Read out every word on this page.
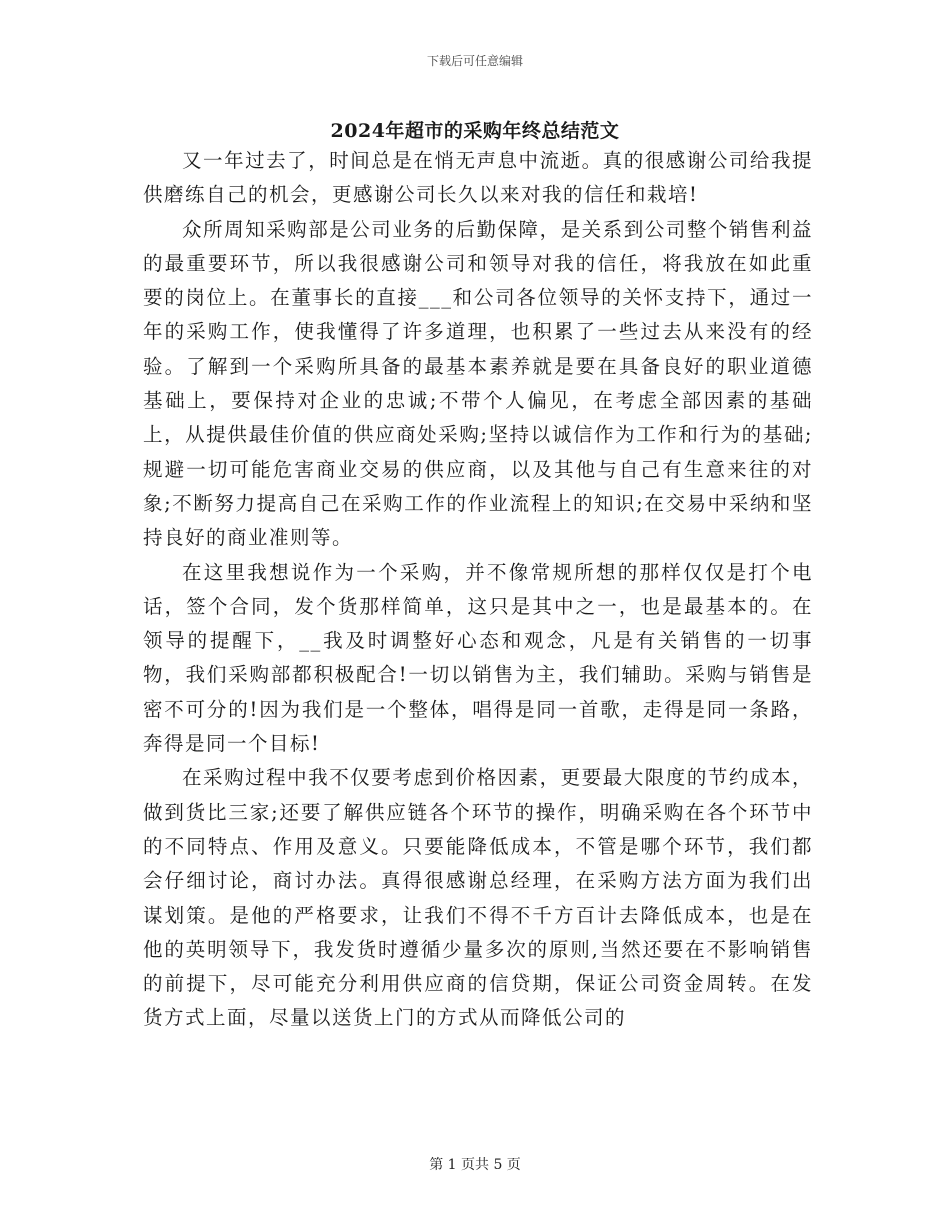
下载后可任意编辑
2024年超市的采购年终总结范文

又一年过去了，时间总是在悄无声息中流逝。真的很感谢公司给我提供磨练自己的机会，更感谢公司长久以来对我的信任和栽培!

众所周知采购部是公司业务的后勤保障，是关系到公司整个销售利益的最重要环节，所以我很感谢公司和领导对我的信任，将我放在如此重要的岗位上。在董事长的直接___和公司各位领导的关怀支持下，通过一年的采购工作，使我懂得了许多道理，也积累了一些过去从来没有的经验。了解到一个采购所具备的最基本素养就是要在具备良好的职业道德基础上，要保持对企业的忠诚;不带个人偏见，在考虑全部因素的基础上，从提供最佳价值的供应商处采购;坚持以诚信作为工作和行为的基础;规避一切可能危害商业交易的供应商，以及其他与自己有生意来往的对象;不断努力提高自己在采购工作的作业流程上的知识;在交易中采纳和坚持良好的商业准则等。

在这里我想说作为一个采购，并不像常规所想的那样仅仅是打个电话，签个合同，发个货那样简单，这只是其中之一，也是最基本的。在领导的提醒下，__我及时调整好心态和观念，凡是有关销售的一切事物，我们采购部都积极配合!一切以销售为主，我们辅助。采购与销售是密不可分的!因为我们是一个整体，唱得是同一首歌，走得是同一条路，奔得是同一个目标!

在采购过程中我不仅要考虑到价格因素，更要最大限度的节约成本，做到货比三家;还要了解供应链各个环节的操作，明确采购在各个环节中的不同特点、作用及意义。只要能降低成本，不管是哪个环节，我们都会仔细讨论，商讨办法。真得很感谢总经理，在采购方法方面为我们出谋划策。是他的严格要求，让我们不得不千方百计去降低成本，也是在他的英明领导下，我发货时遵循少量多次的原则,当然还要在不影响销售的前提下，尽可能充分利用供应商的信贷期，保证公司资金周转。在发货方式上面，尽量以送货上门的方式从而降低公司的

第 1 页共 5 页
